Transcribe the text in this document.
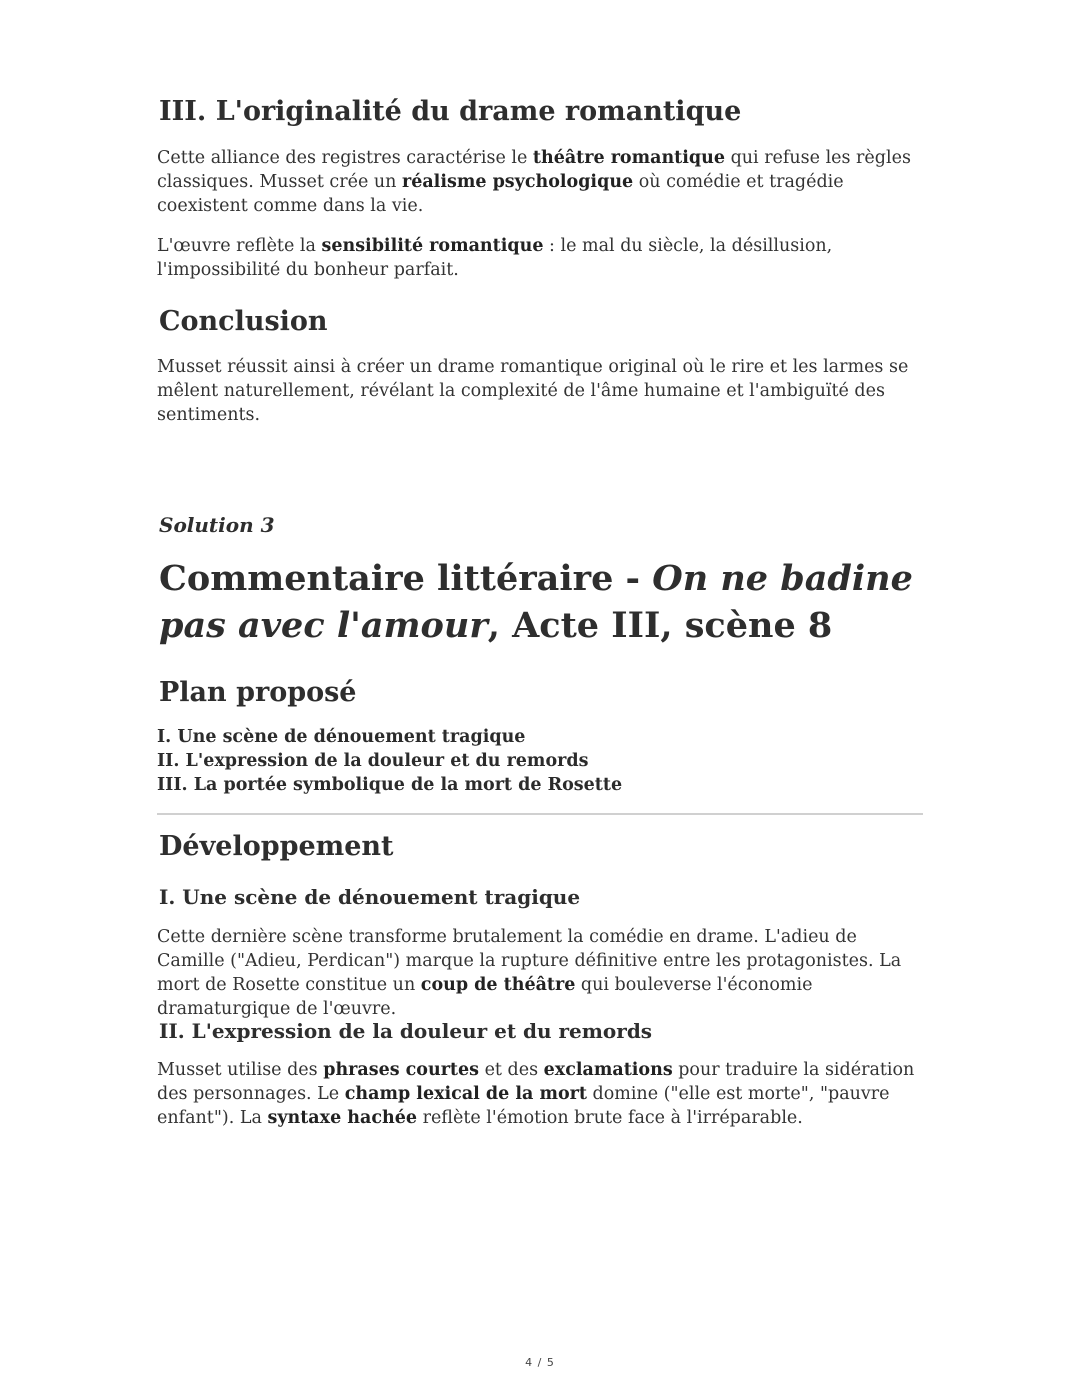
III. L'originalité du drame romantique

Cette alliance des registres caractérise le théâtre romantique qui refuse les règles classiques. Musset crée un réalisme psychologique où comédie et tragédie coexistent comme dans la vie.

L'œuvre reflète la sensibilité romantique : le mal du siècle, la désillusion, l'impossibilité du bonheur parfait.

Conclusion

Musset réussit ainsi à créer un drame romantique original où le rire et les larmes se mêlent naturellement, révélant la complexité de l'âme humaine et l'ambiguïté des sentiments.

Solution 3

Commentaire littéraire - On ne badine pas avec l'amour, Acte III, scène 8
Plan proposé

I. Une scène de dénouement tragique

II. L'expression de la douleur et du remords

III. La portée symbolique de la mort de Rosette

Développement
I. Une scène de dénouement tragique

Cette dernière scène transforme brutalement la comédie en drame. L'adieu de Camille ("Adieu, Perdican") marque la rupture définitive entre les protagonistes. La mort de Rosette constitue un coup de théâtre qui bouleverse l'économie dramaturgique de l'œuvre.

II. L'expression de la douleur et du remords

Musset utilise des phrases courtes et des exclamations pour traduire la sidération des personnages. Le champ lexical de la mort domine ("elle est morte", "pauvre enfant"). La syntaxe hachée reflète l'émotion brute face à l'irréparable.

4 / 5
